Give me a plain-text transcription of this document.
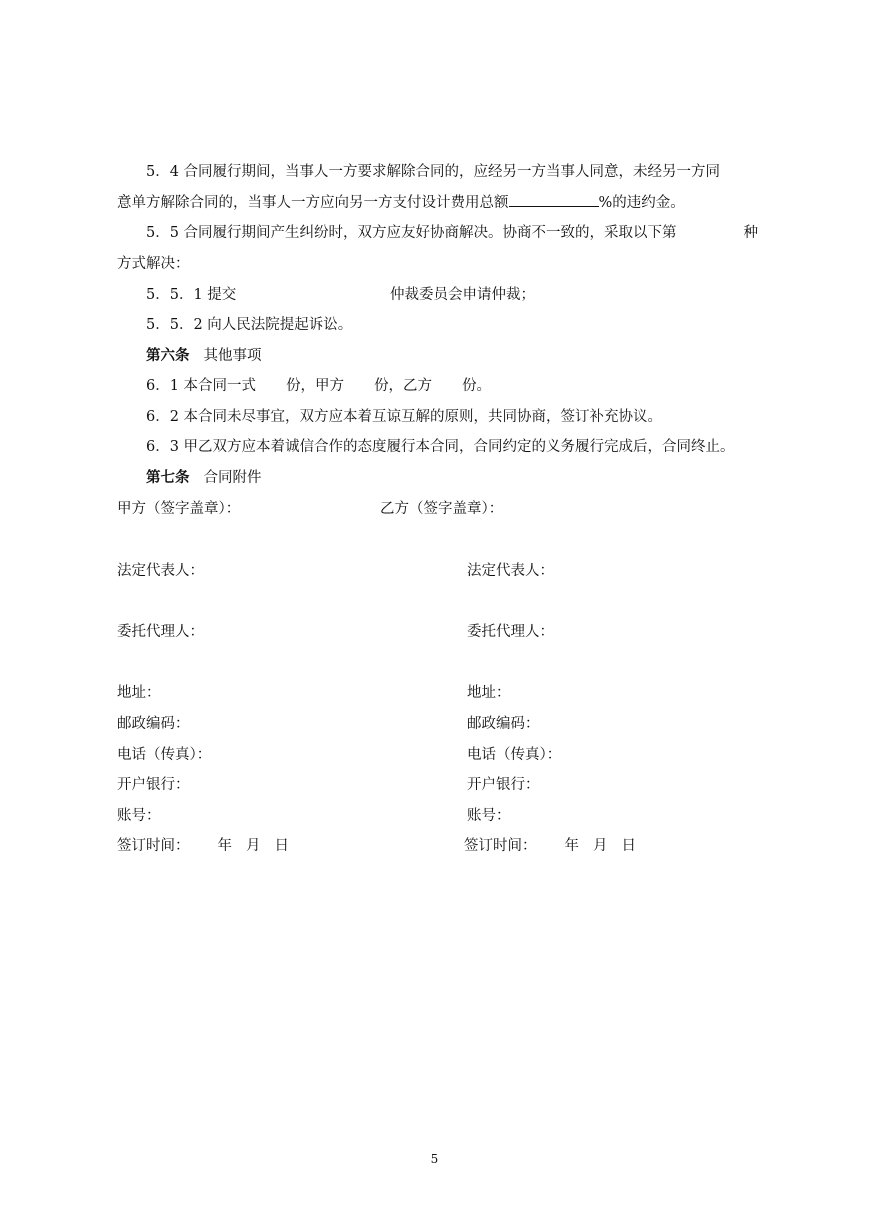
5．4 合同履行期间，当事人一方要求解除合同的，应经另一方当事人同意，未经另一方同
意单方解除合同的，当事人一方应向另一方支付设计费用总额	%的违约金。
5．5 合同履行期间产生纠纷时，双方应友好协商解决。协商不一致的，采取以下第	种
方式解决：
5．5．1 提交	仲裁委员会申请仲裁；
5．5．2 向人民法院提起诉讼。
第六条 其他事项
6．1 本合同一式 份，甲方 份，乙方 份。
6．2 本合同未尽事宜，双方应本着互谅互解的原则，共同协商，签订补充协议。
6．3 甲乙双方应本着诚信合作的态度履行本合同，合同约定的义务履行完成后，合同终止。
第七条 合同附件
甲方（签字盖章）：	乙方（签字盖章）：
法定代表人：	法定代表人：
委托代理人：	委托代理人：
地址：	地址：
邮政编码：	邮政编码：
电话（传真）：	电话（传真）：
开户银行：	开户银行：
账号：	账号：
签订时间： 年 月 日	签订时间： 年 月 日
5
